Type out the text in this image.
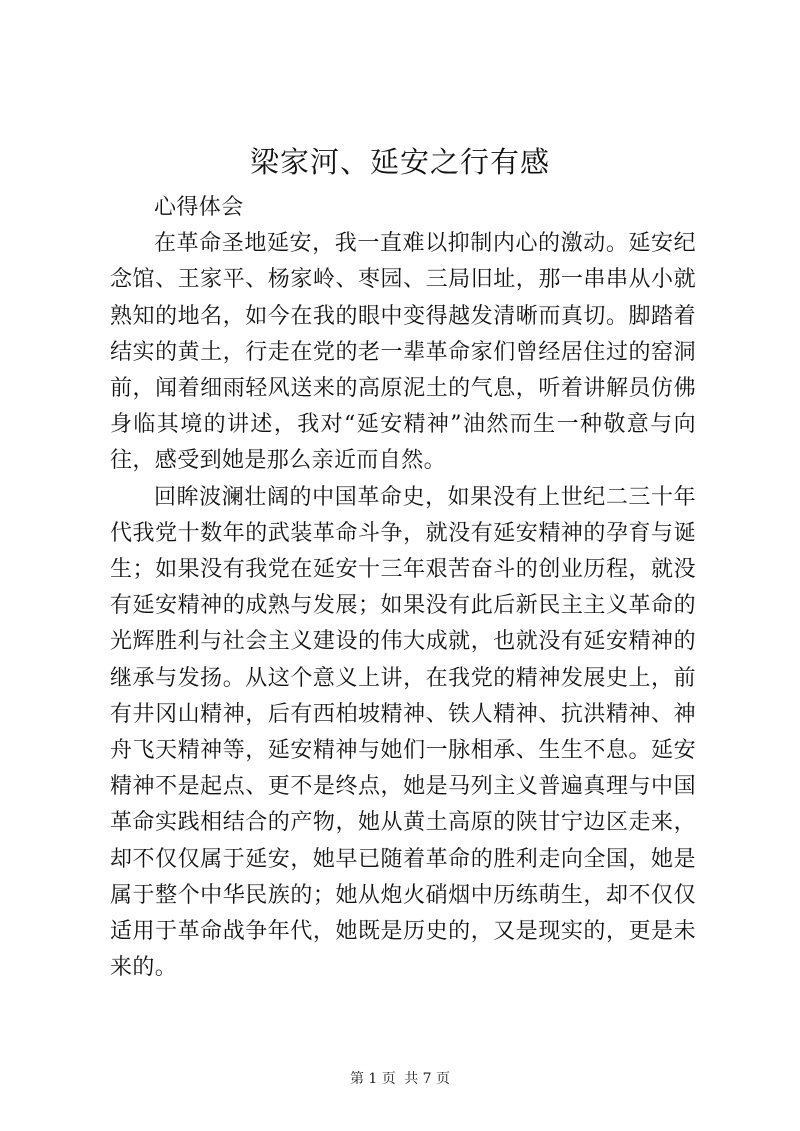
梁家河、延安之行有感

心得体会

在革命圣地延安，我一直难以抑制内心的激动。延安纪念馆、王家平、杨家岭、枣园、三局旧址，那一串串从小就熟知的地名，如今在我的眼中变得越发清晰而真切。脚踏着结实的黄土，行走在党的老一辈革命家们曾经居住过的窑洞前，闻着细雨轻风送来的高原泥土的气息，听着讲解员仿佛身临其境的讲述，我对“延安精神”油然而生一种敬意与向往，感受到她是那么亲近而自然。

回眸波澜壮阔的中国革命史，如果没有上世纪二三十年代我党十数年的武装革命斗争，就没有延安精神的孕育与诞生；如果没有我党在延安十三年艰苦奋斗的创业历程，就没有延安精神的成熟与发展；如果没有此后新民主主义革命的光辉胜利与社会主义建设的伟大成就，也就没有延安精神的继承与发扬。从这个意义上讲，在我党的精神发展史上，前有井冈山精神，后有西柏坡精神、铁人精神、抗洪精神、神舟飞天精神等，延安精神与她们一脉相承、生生不息。延安精神不是起点、更不是终点，她是马列主义普遍真理与中国革命实践相结合的产物，她从黄土高原的陕甘宁边区走来，却不仅仅属于延安，她早已随着革命的胜利走向全国，她是属于整个中华民族的；她从炮火硝烟中历练萌生，却不仅仅适用于革命战争年代，她既是历史的，又是现实的，更是未来的。

第 1 页 共 7 页
